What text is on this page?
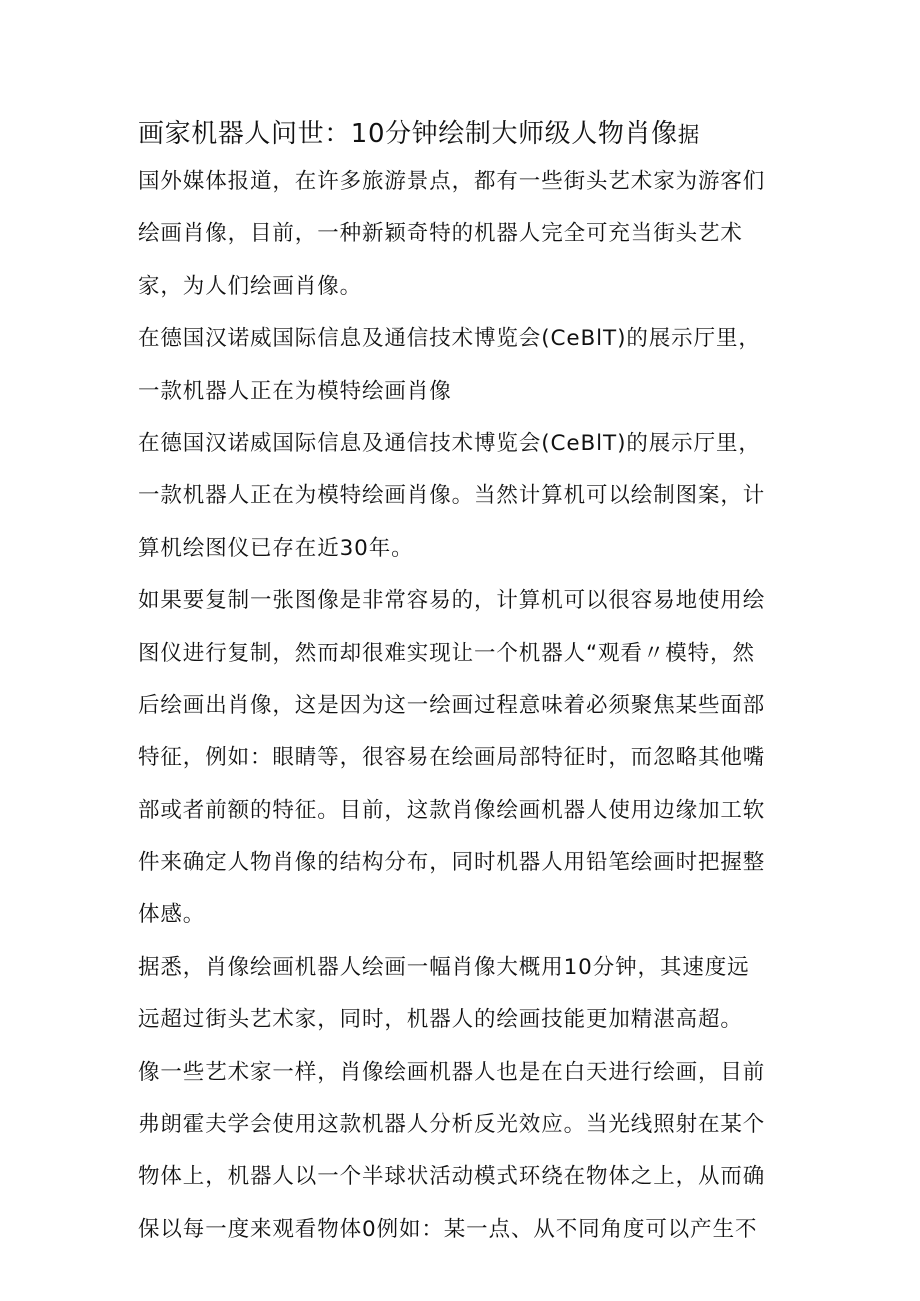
画家机器人问世：10分钟绘制大师级人物肖像据
国外媒体报道，在许多旅游景点，都有一些街头艺术家为游客们
绘画肖像，目前，一种新颖奇特的机器人完全可充当街头艺术
家，为人们绘画肖像。
在德国汉诺威国际信息及通信技术博览会(CeBlT)的展示厅里，
一款机器人正在为模特绘画肖像
在德国汉诺威国际信息及通信技术博览会(CeBlT)的展示厅里，
一款机器人正在为模特绘画肖像。当然计算机可以绘制图案，计
算机绘图仪已存在近30年。
如果要复制一张图像是非常容易的，计算机可以很容易地使用绘
图仪进行复制，然而却很难实现让一个机器人“观看〃模特，然
后绘画出肖像，这是因为这一绘画过程意味着必须聚焦某些面部
特征，例如：眼睛等，很容易在绘画局部特征时，而忽略其他嘴
部或者前额的特征。目前，这款肖像绘画机器人使用边缘加工软
件来确定人物肖像的结构分布，同时机器人用铅笔绘画时把握整
体感。
据悉，肖像绘画机器人绘画一幅肖像大概用10分钟，其速度远
远超过街头艺术家，同时，机器人的绘画技能更加精湛高超。
像一些艺术家一样，肖像绘画机器人也是在白天进行绘画，目前
弗朗霍夫学会使用这款机器人分析反光效应。当光线照射在某个
物体上，机器人以一个半球状活动模式环绕在物体之上，从而确
保以每一度来观看物体0例如：某一点、从不同角度可以产生不
